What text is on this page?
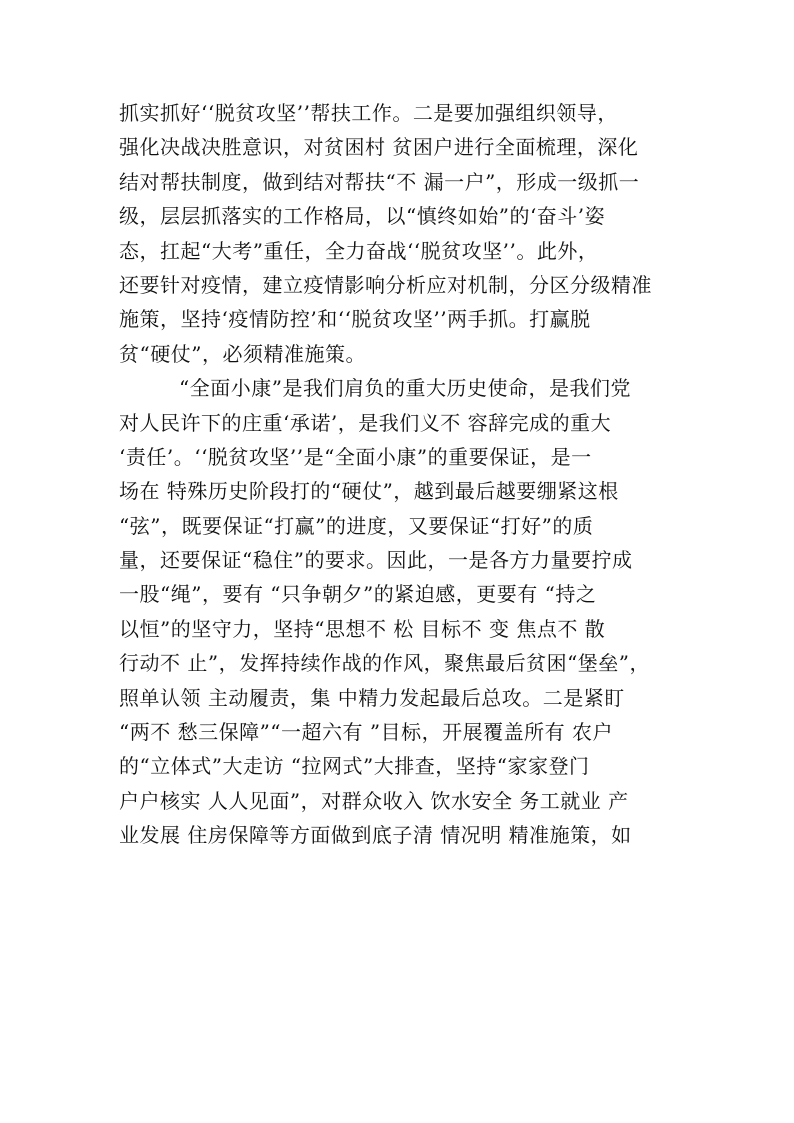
抓实抓好‘‘脱贫攻坚’’帮扶工作。二是要加强组织领导，
强化决战决胜意识，对贫困村 贫困户进行全面梳理，深化
结对帮扶制度，做到结对帮扶“不 漏一户”，形成一级抓一
级，层层抓落实的工作格局，以“慎终如始”的‘奋斗’姿
态，扛起“大考”重任，全力奋战‘‘脱贫攻坚’’。此外，
还要针对疫情，建立疫情影响分析应对机制，分区分级精准
施策，坚持‘疫情防控’和‘‘脱贫攻坚’’两手抓。打赢脱
贫“硬仗”，必须精准施策。
“全面小康”是我们肩负的重大历史使命，是我们党
对人民许下的庄重‘承诺’，是我们义不 容辞完成的重大
‘责任’。‘‘脱贫攻坚’’是“全面小康”的重要保证，是一
场在 特殊历史阶段打的“硬仗”，越到最后越要绷紧这根
“弦”，既要保证“打赢”的进度，又要保证“打好”的质
量，还要保证“稳住”的要求。因此，一是各方力量要拧成
一股“绳”，要有 “只争朝夕”的紧迫感，更要有 “持之
以恒”的坚守力，坚持“思想不 松 目标不 变 焦点不 散
行动不 止”，发挥持续作战的作风，聚焦最后贫困“堡垒”，
照单认领 主动履责，集 中精力发起最后总攻。二是紧盯
“两不 愁三保障”“一超六有 ”目标，开展覆盖所有 农户
的“立体式”大走访 “拉网式”大排查，坚持“家家登门
户户核实 人人见面”，对群众收入 饮水安全 务工就业 产
业发展 住房保障等方面做到底子清 情况明 精准施策，如
